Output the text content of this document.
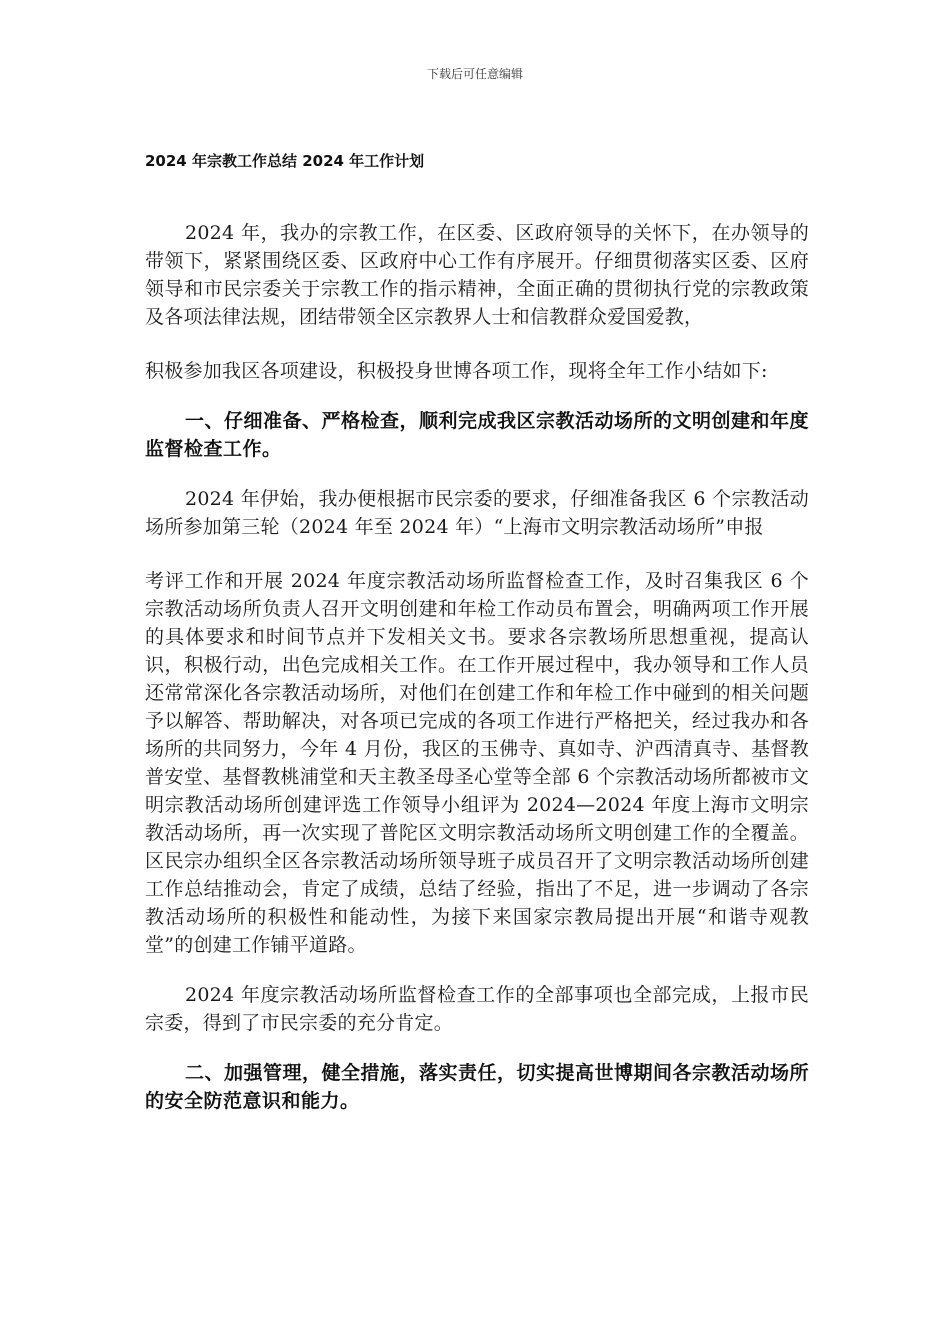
下载后可任意编辑
2024 年宗教工作总结 2024 年工作计划

2024 年，我办的宗教工作，在区委、区政府领导的关怀下，在办领导的带领下，紧紧围绕区委、区政府中心工作有序展开。仔细贯彻落实区委、区府领导和市民宗委关于宗教工作的指示精神，全面正确的贯彻执行党的宗教政策及各项法律法规，团结带领全区宗教界人士和信教群众爱国爱教，

积极参加我区各项建设，积极投身世博各项工作，现将全年工作小结如下:

一、仔细准备、严格检查，顺利完成我区宗教活动场所的文明创建和年度监督检查工作。

2024 年伊始，我办便根据市民宗委的要求，仔细准备我区 6 个宗教活动场所参加第三轮（2024 年至 2024 年）“上海市文明宗教活动场所”申报

考评工作和开展 2024 年度宗教活动场所监督检查工作，及时召集我区 6 个宗教活动场所负责人召开文明创建和年检工作动员布置会，明确两项工作开展的具体要求和时间节点并下发相关文书。要求各宗教场所思想重视，提高认识，积极行动，出色完成相关工作。在工作开展过程中，我办领导和工作人员还常常深化各宗教活动场所，对他们在创建工作和年检工作中碰到的相关问题予以解答、帮助解决，对各项已完成的各项工作进行严格把关，经过我办和各场所的共同努力，今年 4 月份，我区的玉佛寺、真如寺、沪西清真寺、基督教普安堂、基督教桃浦堂和天主教圣母圣心堂等全部 6 个宗教活动场所都被市文明宗教活动场所创建评选工作领导小组评为 2024—2024 年度上海市文明宗教活动场所，再一次实现了普陀区文明宗教活动场所文明创建工作的全覆盖。区民宗办组织全区各宗教活动场所领导班子成员召开了文明宗教活动场所创建工作总结推动会，肯定了成绩，总结了经验，指出了不足，进一步调动了各宗教活动场所的积极性和能动性，为接下来国家宗教局提出开展“和谐寺观教堂”的创建工作铺平道路。

2024 年度宗教活动场所监督检查工作的全部事项也全部完成，上报市民宗委，得到了市民宗委的充分肯定。

二、加强管理，健全措施，落实责任，切实提高世博期间各宗教活动场所的安全防范意识和能力。
